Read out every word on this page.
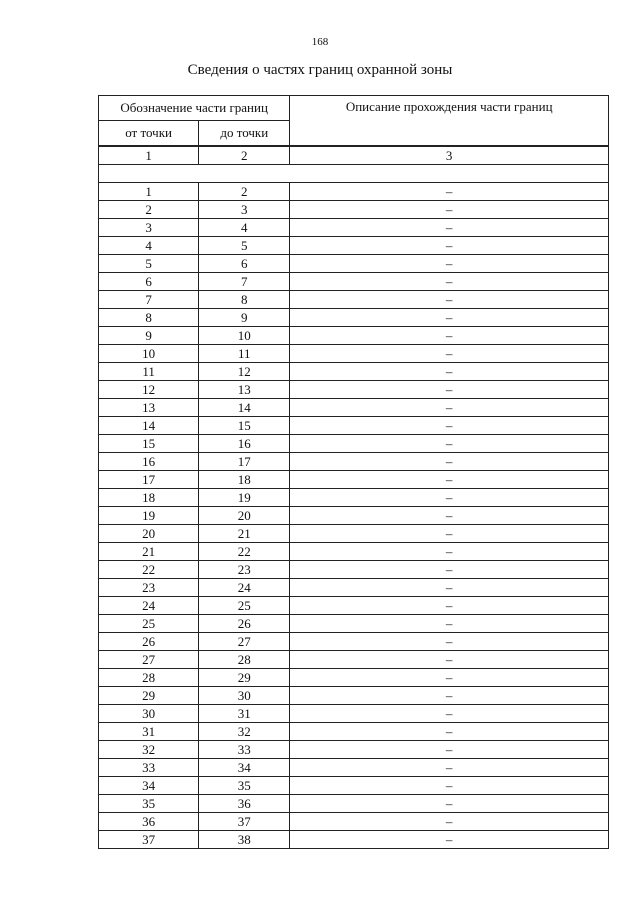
168
Сведения о частях границ охранной зоны
Обозначение части границ		Описание прохождения части границ
от точки	до точки	
1	2	3

1	2	–
2	3	–
3	4	–
4	5	–
5	6	–
6	7	–
7	8	–
8	9	–
9	10	–
10	11	–
11	12	–
12	13	–
13	14	–
14	15	–
15	16	–
16	17	–
17	18	–
18	19	–
19	20	–
20	21	–
21	22	–
22	23	–
23	24	–
24	25	–
25	26	–
26	27	–
27	28	–
28	29	–
29	30	–
30	31	–
31	32	–
32	33	–
33	34	–
34	35	–
35	36	–
36	37	–
37	38	–
